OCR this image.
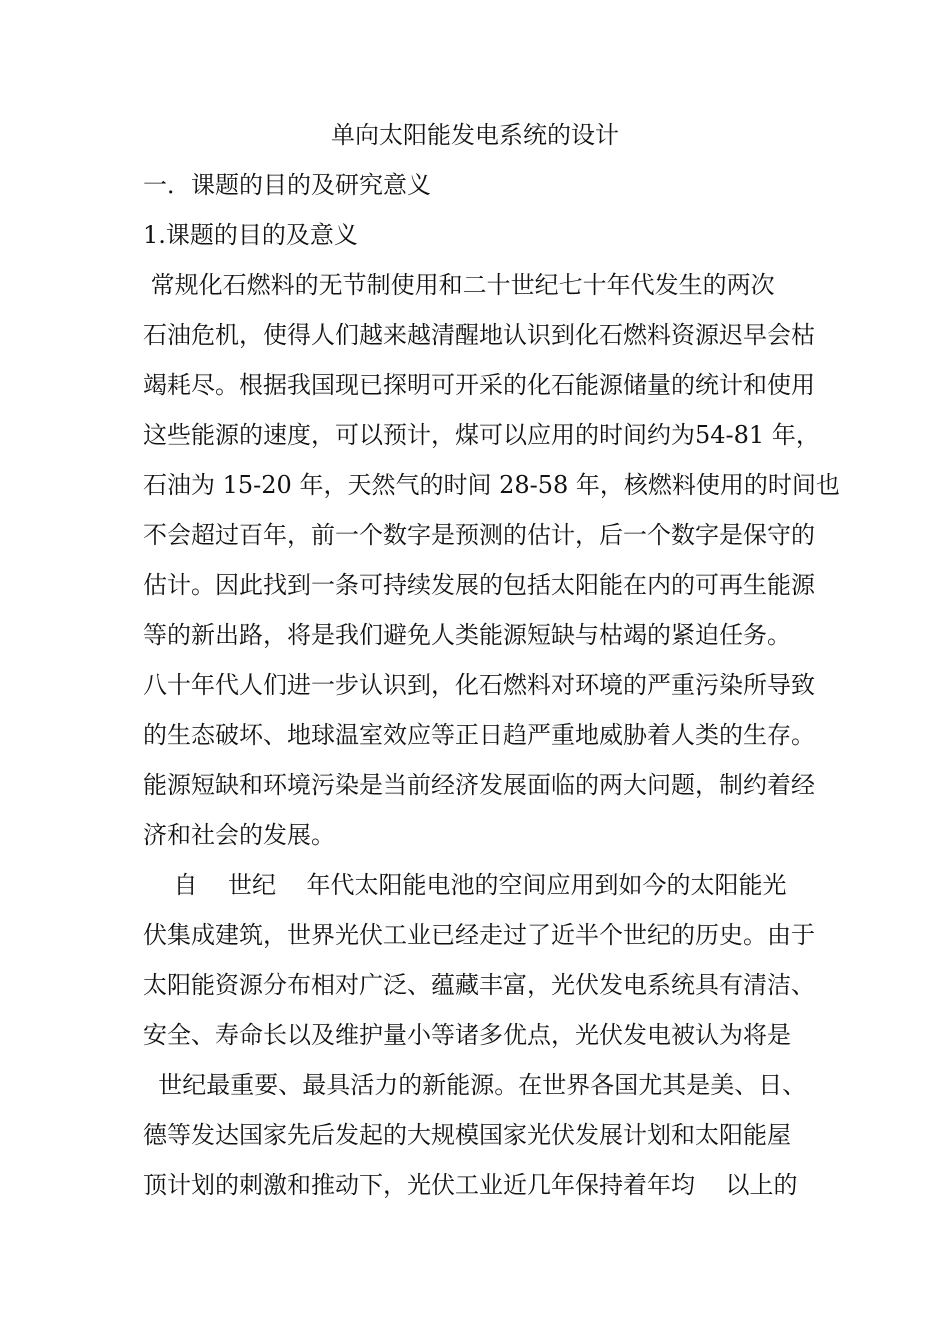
单向太阳能发电系统的设计

一．课题的目的及研究意义

1.课题的目的及意义

常规化石燃料的无节制使用和二十世纪七十年代发生的两次

石油危机，使得人们越来越清醒地认识到化石燃料资源迟早会枯

竭耗尽。根据我国现已探明可开采的化石能源储量的统计和使用

这些能源的速度，可以预计，煤可以应用的时间约为54-81 年，

石油为 15-20 年，天然气的时间 28-58 年，核燃料使用的时间也

不会超过百年，前一个数字是预测的估计，后一个数字是保守的

估计。因此找到一条可持续发展的包括太阳能在内的可再生能源

等的新出路，将是我们避免人类能源短缺与枯竭的紧迫任务。

八十年代人们进一步认识到，化石燃料对环境的严重污染所导致

的生态破坏、地球温室效应等正日趋严重地威胁着人类的生存。

能源短缺和环境污染是当前经济发展面临的两大问题，制约着经

济和社会的发展。

自    世纪    年代太阳能电池的空间应用到如今的太阳能光

伏集成建筑，世界光伏工业已经走过了近半个世纪的历史。由于

太阳能资源分布相对广泛、蕴藏丰富，光伏发电系统具有清洁、

安全、寿命长以及维护量小等诸多优点，光伏发电被认为将是

世纪最重要、最具活力的新能源。在世界各国尤其是美、日、

德等发达国家先后发起的大规模国家光伏发展计划和太阳能屋

顶计划的刺激和推动下，光伏工业近几年保持着年均    以上的
